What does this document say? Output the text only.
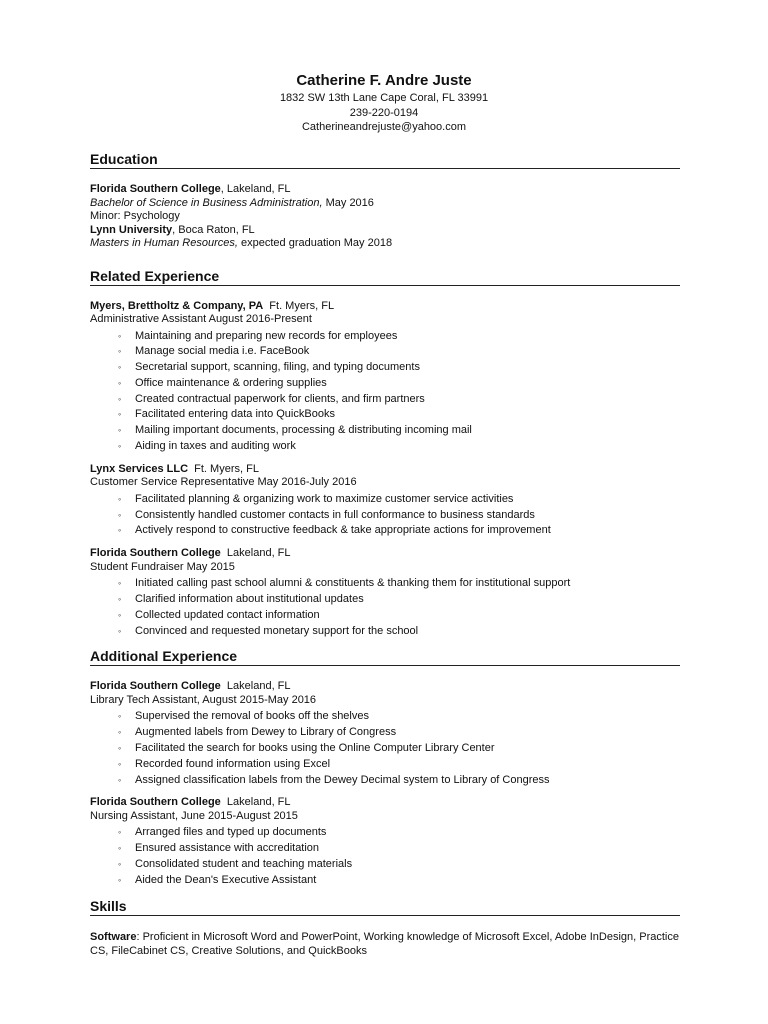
Catherine F. Andre Juste
1832 SW 13th Lane Cape Coral, FL 33991
239-220-0194
Catherineandrejuste@yahoo.com
Education
Florida Southern College, Lakeland, FL
Bachelor of Science in Business Administration, May 2016
Minor: Psychology
Lynn University, Boca Raton, FL
Masters in Human Resources, expected graduation May 2018
Related Experience
Myers, Brettholtz & Company, PA Ft. Myers, FL
Administrative Assistant August 2016-Present
◦ Maintaining and preparing new records for employees
◦ Manage social media i.e. FaceBook
◦ Secretarial support, scanning, filing, and typing documents
◦ Office maintenance & ordering supplies
◦ Created contractual paperwork for clients, and firm partners
◦ Facilitated entering data into QuickBooks
◦ Mailing important documents, processing & distributing incoming mail
◦ Aiding in taxes and auditing work
Lynx Services LLC Ft. Myers, FL
Customer Service Representative May 2016-July 2016
◦ Facilitated planning & organizing work to maximize customer service activities
◦ Consistently handled customer contacts in full conformance to business standards
◦ Actively respond to constructive feedback & take appropriate actions for improvement
Florida Southern College Lakeland, FL
Student Fundraiser May 2015
◦ Initiated calling past school alumni & constituents & thanking them for institutional support
◦ Clarified information about institutional updates
◦ Collected updated contact information
◦ Convinced and requested monetary support for the school
Additional Experience
Florida Southern College Lakeland, FL
Library Tech Assistant, August 2015-May 2016
◦ Supervised the removal of books off the shelves
◦ Augmented labels from Dewey to Library of Congress
◦ Facilitated the search for books using the Online Computer Library Center
◦ Recorded found information using Excel
◦ Assigned classification labels from the Dewey Decimal system to Library of Congress
Florida Southern College Lakeland, FL
Nursing Assistant, June 2015-August 2015
◦ Arranged files and typed up documents
◦ Ensured assistance with accreditation
◦ Consolidated student and teaching materials
◦ Aided the Dean's Executive Assistant
Skills
Software: Proficient in Microsoft Word and PowerPoint, Working knowledge of Microsoft Excel, Adobe InDesign, Practice CS, FileCabinet CS, Creative Solutions, and QuickBooks
